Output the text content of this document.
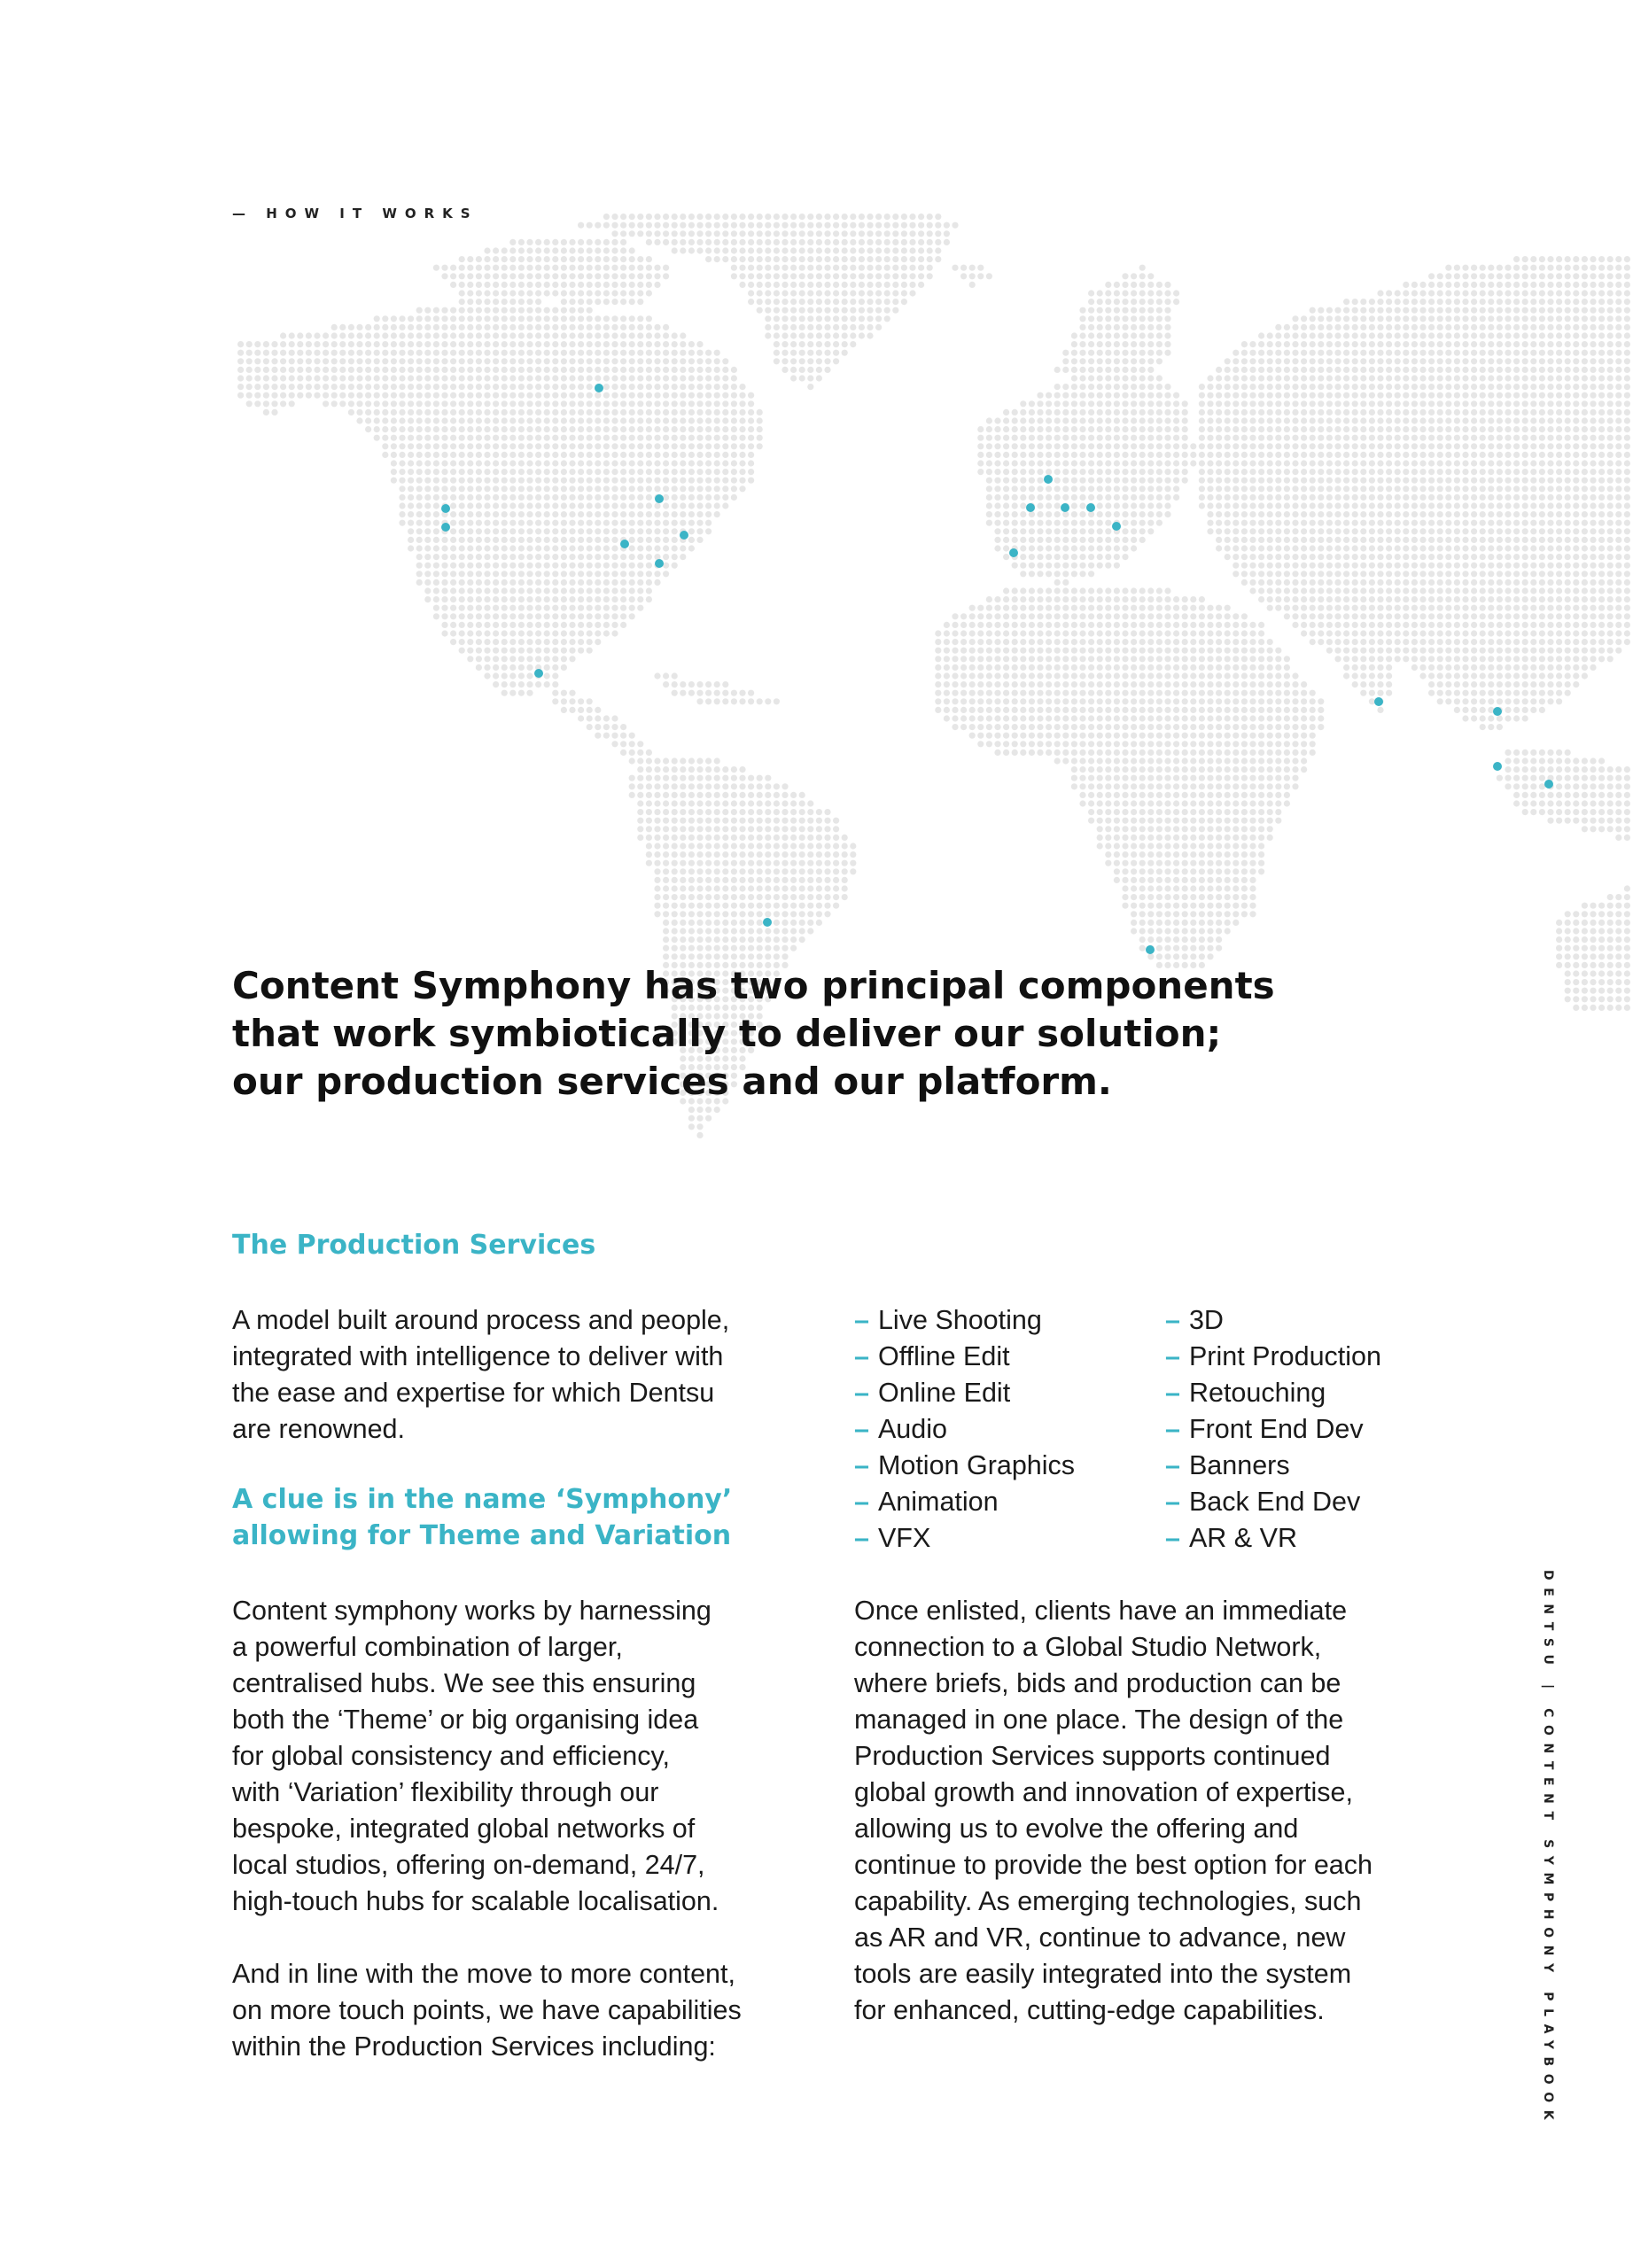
— HOW IT WORKS
Content Symphony has two principal components
that work symbiotically to deliver our solution;
our production services and our platform.
The Production Services

A model built around process and people,
integrated with intelligence to deliver with
the ease and expertise for which Dentsu
are renowned.

A clue is in the name ‘Symphony’
allowing for Theme and Variation

Content symphony works by harnessing
a powerful combination of larger,
centralised hubs. We see this ensuring
both the ‘Theme’ or big organising idea
for global consistency and efficiency,
with ‘Variation’ flexibility through our
bespoke, integrated global networks of
local studios, offering on-demand, 24/7,
high-touch hubs for scalable localisation.

And in line with the move to more content,
on more touch points, we have capabilities
within the Production Services including:

– Live Shooting
– Offline Edit
– Online Edit
– Audio
– Motion Graphics
– Animation
– VFX
– 3D
– Print Production
– Retouching
– Front End Dev
– Banners
– Back End Dev
– AR & VR

Once enlisted, clients have an immediate
connection to a Global Studio Network,
where briefs, bids and production can be
managed in one place. The design of the
Production Services supports continued
global growth and innovation of expertise,
allowing us to evolve the offering and
continue to provide the best option for each
capability. As emerging technologies, such
as AR and VR, continue to advance, new
tools are easily integrated into the system
for enhanced, cutting-edge capabilities.	DENTSU | CONTENT SYMPHONY PLAYBOOK
